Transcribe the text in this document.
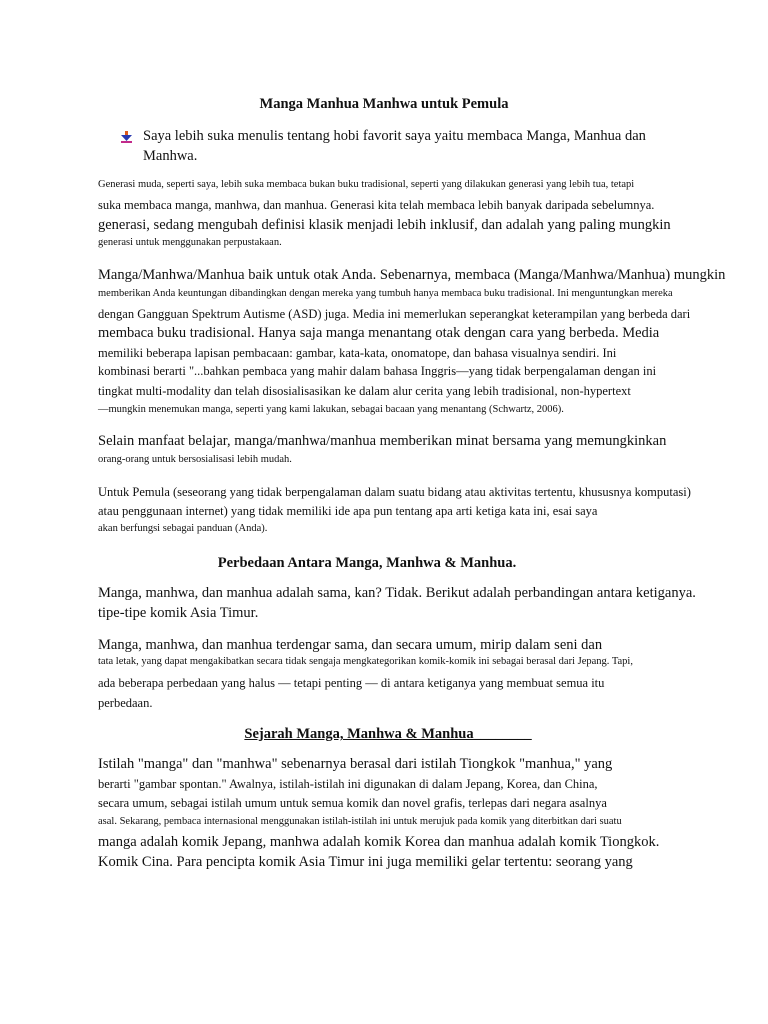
Manga Manhua Manhwa untuk Pemula
Saya lebih suka menulis tentang hobi favorit saya yaitu membaca Manga, Manhua dan
Manhwa.
Generasi muda, seperti saya, lebih suka membaca bukan buku tradisional, seperti yang dilakukan generasi yang lebih tua, tetapi
suka membaca manga, manhwa, dan manhua. Generasi kita telah membaca lebih banyak daripada sebelumnya.
generasi, sedang mengubah definisi klasik menjadi lebih inklusif, dan adalah yang paling mungkin
generasi untuk menggunakan perpustakaan.
Manga/Manhwa/Manhua baik untuk otak Anda. Sebenarnya, membaca (Manga/Manhwa/Manhua) mungkin
memberikan Anda keuntungan dibandingkan dengan mereka yang tumbuh hanya membaca buku tradisional. Ini menguntungkan mereka
dengan Gangguan Spektrum Autisme (ASD) juga. Media ini memerlukan seperangkat keterampilan yang berbeda dari
membaca buku tradisional. Hanya saja manga menantang otak dengan cara yang berbeda. Media
memiliki beberapa lapisan pembacaan: gambar, kata-kata, onomatope, dan bahasa visualnya sendiri. Ini
kombinasi berarti "...bahkan pembaca yang mahir dalam bahasa Inggris—yang tidak berpengalaman dengan ini
tingkat multi-modality dan telah disosialisasikan ke dalam alur cerita yang lebih tradisional, non-hypertext
—mungkin menemukan manga, seperti yang kami lakukan, sebagai bacaan yang menantang (Schwartz, 2006).
Selain manfaat belajar, manga/manhwa/manhua memberikan minat bersama yang memungkinkan
orang-orang untuk bersosialisasi lebih mudah.
Untuk Pemula (seseorang yang tidak berpengalaman dalam suatu bidang atau aktivitas tertentu, khususnya komputasi)
atau penggunaan internet) yang tidak memiliki ide apa pun tentang apa arti ketiga kata ini, esai saya
akan berfungsi sebagai panduan (Anda).
Perbedaan Antara Manga, Manhwa & Manhua.
Manga, manhwa, dan manhua adalah sama, kan? Tidak. Berikut adalah perbandingan antara ketiganya.
tipe-tipe komik Asia Timur.
Manga, manhwa, dan manhua terdengar sama, dan secara umum, mirip dalam seni dan
tata letak, yang dapat mengakibatkan secara tidak sengaja mengkategorikan komik-komik ini sebagai berasal dari Jepang. Tapi,
ada beberapa perbedaan yang halus — tetapi penting — di antara ketiganya yang membuat semua itu
perbedaan.
Sejarah Manga, Manhwa & Manhua________
Istilah "manga" dan "manhwa" sebenarnya berasal dari istilah Tiongkok "manhua," yang
berarti "gambar spontan." Awalnya, istilah-istilah ini digunakan di dalam Jepang, Korea, dan China,
secara umum, sebagai istilah umum untuk semua komik dan novel grafis, terlepas dari negara asalnya
asal. Sekarang, pembaca internasional menggunakan istilah-istilah ini untuk merujuk pada komik yang diterbitkan dari suatu
manga adalah komik Jepang, manhwa adalah komik Korea dan manhua adalah komik Tiongkok.
Komik Cina. Para pencipta komik Asia Timur ini juga memiliki gelar tertentu: seorang yang
